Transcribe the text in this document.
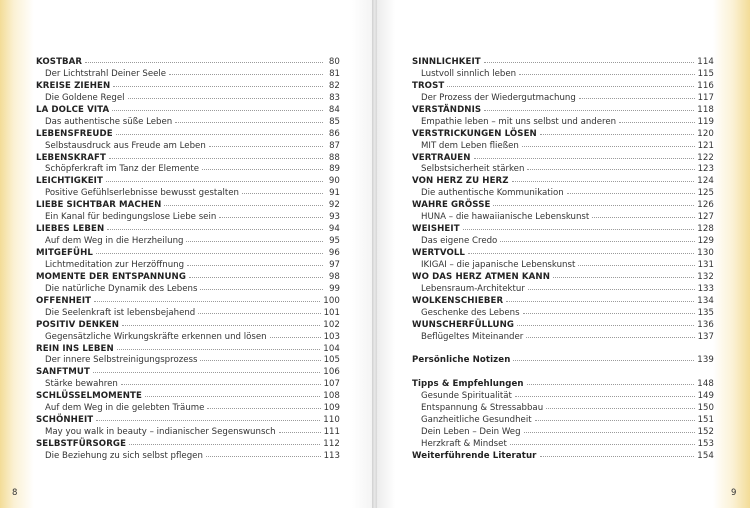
KOSTBAR	80
Der Lichtstrahl Deiner Seele	81
KREISE ZIEHEN	82
Die Goldene Regel	83
LA DOLCE VITA	84
Das authentische süße Leben	85
LEBENSFREUDE	86
Selbstausdruck aus Freude am Leben	87
LEBENSKRAFT	88
Schöpferkraft im Tanz der Elemente	89
LEICHTIGKEIT	90
Positive Gefühlserlebnisse bewusst gestalten	91
LIEBE SICHTBAR MACHEN	92
Ein Kanal für bedingungslose Liebe sein	93
LIEBES LEBEN	94
Auf dem Weg in die Herzheilung	95
MITGEFÜHL	96
Lichtmeditation zur Herzöffnung	97
MOMENTE DER ENTSPANNUNG	98
Die natürliche Dynamik des Lebens	99
OFFENHEIT	100
Die Seelenkraft ist lebensbejahend	101
POSITIV DENKEN	102
Gegensätzliche Wirkungskräfte erkennen und lösen	103
REIN INS LEBEN	104
Der innere Selbstreinigungsprozess	105
SANFTMUT	106
Stärke bewahren	107
SCHLÜSSELMOMENTE	108
Auf dem Weg in die gelebten Träume	109
SCHÖNHEIT	110
May you walk in beauty – indianischer Segenswunsch	111
SELBSTFÜRSORGE	112
Die Beziehung zu sich selbst pflegen	113
8	9
SINNLICHKEIT	114
Lustvoll sinnlich leben	115
TROST	116
Der Prozess der Wiedergutmachung	117
VERSTÄNDNIS	118
Empathie leben – mit uns selbst und anderen	119
VERSTRICKUNGEN LÖSEN	120
MIT dem Leben fließen	121
VERTRAUEN	122
Selbstsicherheit stärken	123
VON HERZ ZU HERZ	124
Die authentische Kommunikation	125
WAHRE GRÖSSE	126
HUNA – die hawaiianische Lebenskunst	127
WEISHEIT	128
Das eigene Credo	129
WERTVOLL	130
IKIGAI – die japanische Lebenskunst	131
WO DAS HERZ ATMEN KANN	132
Lebensraum-Architektur	133
WOLKENSCHIEBER	134
Geschenke des Lebens	135
WUNSCHERFÜLLUNG	136
Beflügeltes Miteinander	137
Persönliche Notizen	139
Tipps & Empfehlungen	148
Gesunde Spiritualität	149
Entspannung & Stressabbau	150
Ganzheitliche Gesundheit	151
Dein Leben – Dein Weg	152
Herzkraft & Mindset	153
Weiterführende Literatur	154
